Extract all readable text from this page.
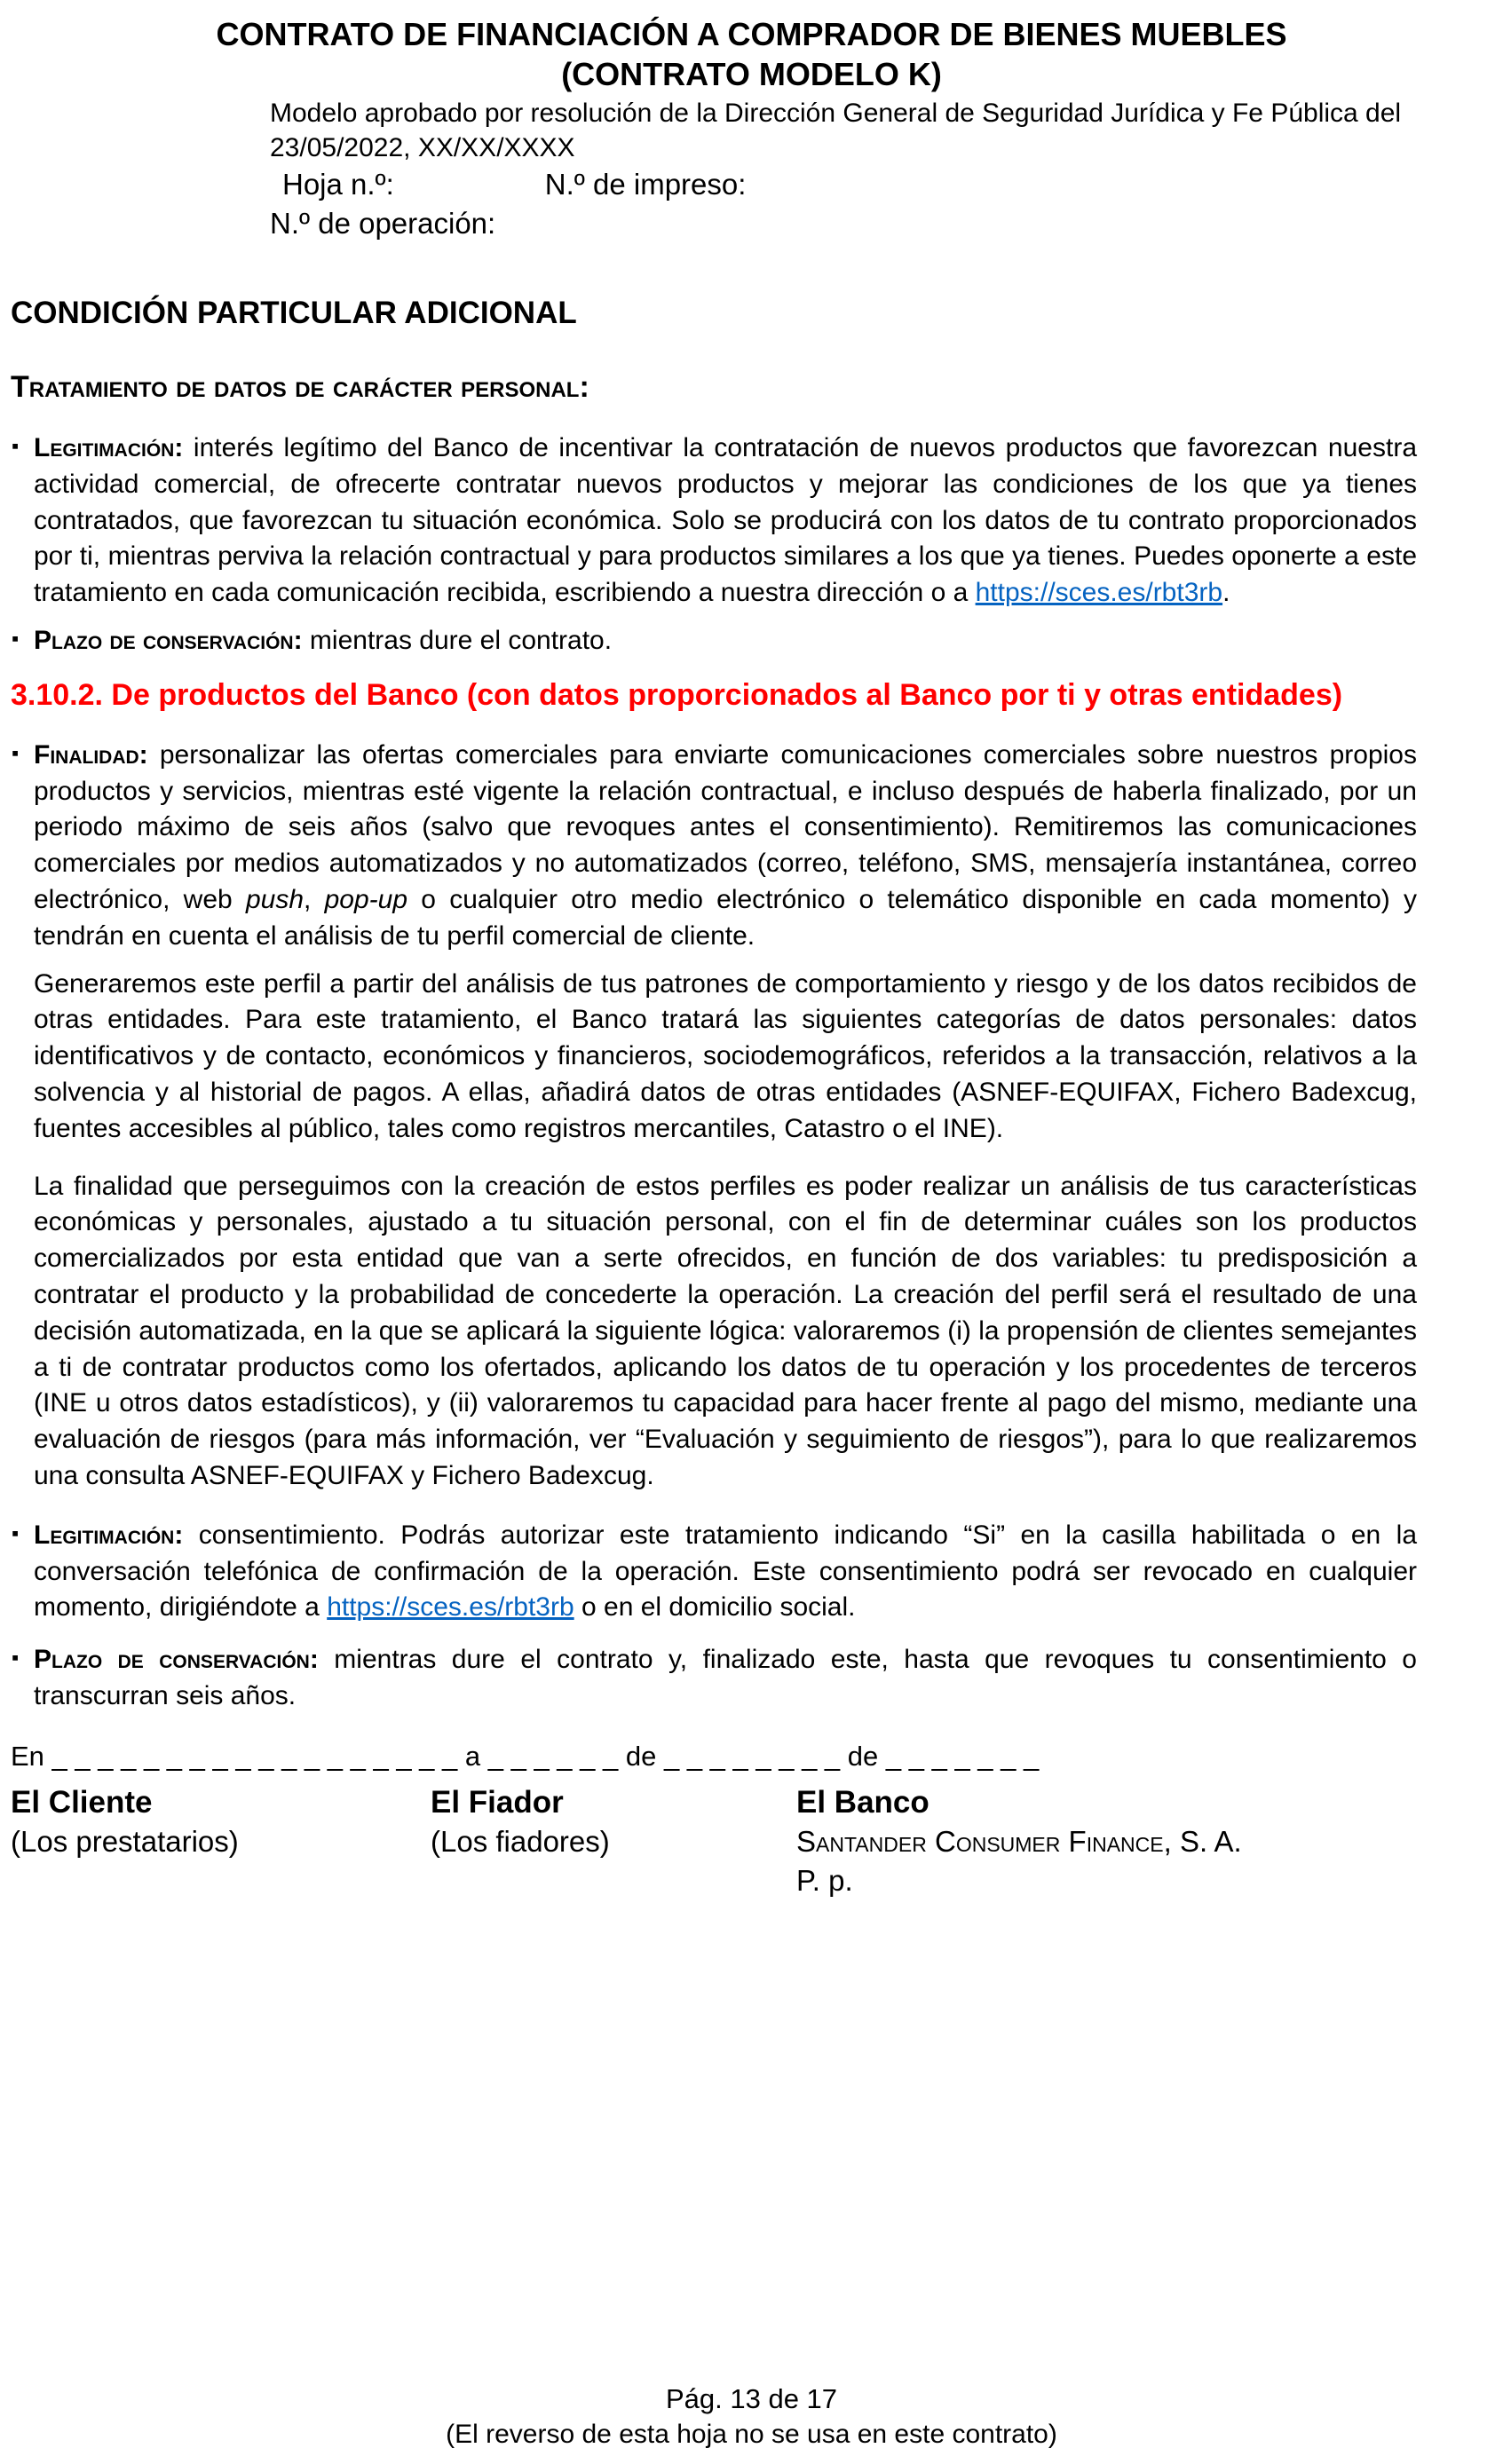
CONTRATO DE FINANCIACIÓN A COMPRADOR DE BIENES MUEBLES
(CONTRATO MODELO K)
Modelo aprobado por resolución de la Dirección General de Seguridad Jurídica y Fe Pública del
23/05/2022, XX/XX/XXXX
Hoja n.º:	N.º de impreso:
N.º de operación:
CONDICIÓN PARTICULAR ADICIONAL
Tratamiento de datos de carácter personal:
▪ Legitimación: interés legítimo del Banco de incentivar la contratación de nuevos productos que favorezcan nuestra actividad comercial, de ofrecerte contratar nuevos productos y mejorar las condiciones de los que ya tienes contratados, que favorezcan tu situación económica. Solo se producirá con los datos de tu contrato proporcionados por ti, mientras perviva la relación contractual y para productos similares a los que ya tienes. Puedes oponerte a este tratamiento en cada comunicación recibida, escribiendo a nuestra dirección o a https://sces.es/rbt3rb.
▪ Plazo de conservación: mientras dure el contrato.
3.10.2. De productos del Banco (con datos proporcionados al Banco por ti y otras entidades)
▪ Finalidad: personalizar las ofertas comerciales para enviarte comunicaciones comerciales sobre nuestros propios productos y servicios, mientras esté vigente la relación contractual, e incluso después de haberla finalizado, por un periodo máximo de seis años (salvo que revoques antes el consentimiento). Remitiremos las comunicaciones comerciales por medios automatizados y no automatizados (correo, teléfono, SMS, mensajería instantánea, correo electrónico, web push, pop-up o cualquier otro medio electrónico o telemático disponible en cada momento) y tendrán en cuenta el análisis de tu perfil comercial de cliente.
Generaremos este perfil a partir del análisis de tus patrones de comportamiento y riesgo y de los datos recibidos de otras entidades. Para este tratamiento, el Banco tratará las siguientes categorías de datos personales: datos identificativos y de contacto, económicos y financieros, sociodemográficos, referidos a la transacción, relativos a la solvencia y al historial de pagos. A ellas, añadirá datos de otras entidades (ASNEF-EQUIFAX, Fichero Badexcug, fuentes accesibles al público, tales como registros mercantiles, Catastro o el INE).
La finalidad que perseguimos con la creación de estos perfiles es poder realizar un análisis de tus características económicas y personales, ajustado a tu situación personal, con el fin de determinar cuáles son los productos comercializados por esta entidad que van a serte ofrecidos, en función de dos variables: tu predisposición a contratar el producto y la probabilidad de concederte la operación. La creación del perfil será el resultado de una decisión automatizada, en la que se aplicará la siguiente lógica: valoraremos (i) la propensión de clientes semejantes a ti de contratar productos como los ofertados, aplicando los datos de tu operación y los procedentes de terceros (INE u otros datos estadísticos), y (ii) valoraremos tu capacidad para hacer frente al pago del mismo, mediante una evaluación de riesgos (para más información, ver “Evaluación y seguimiento de riesgos”), para lo que realizaremos una consulta ASNEF-EQUIFAX y Fichero Badexcug.
▪ Legitimación: consentimiento. Podrás autorizar este tratamiento indicando “Si” en la casilla habilitada o en la conversación telefónica de confirmación de la operación. Este consentimiento podrá ser revocado en cualquier momento, dirigiéndote a https://sces.es/rbt3rb o en el domicilio social.
▪ Plazo de conservación: mientras dure el contrato y, finalizado este, hasta que revoques tu consentimiento o transcurran seis años.
En _ _ _ _ _ _ _ _ _ _ _ _ _ _ _ _ _ _ a _ _ _ _ _ _ de _ _ _ _ _ _ _ _ de _ _ _ _ _ _ _
El Cliente
(Los prestatarios)
El Fiador
(Los fiadores)
El Banco
Santander Consumer Finance, S. A.
P. p.
Pág. 13 de 17
(El reverso de esta hoja no se usa en este contrato)
